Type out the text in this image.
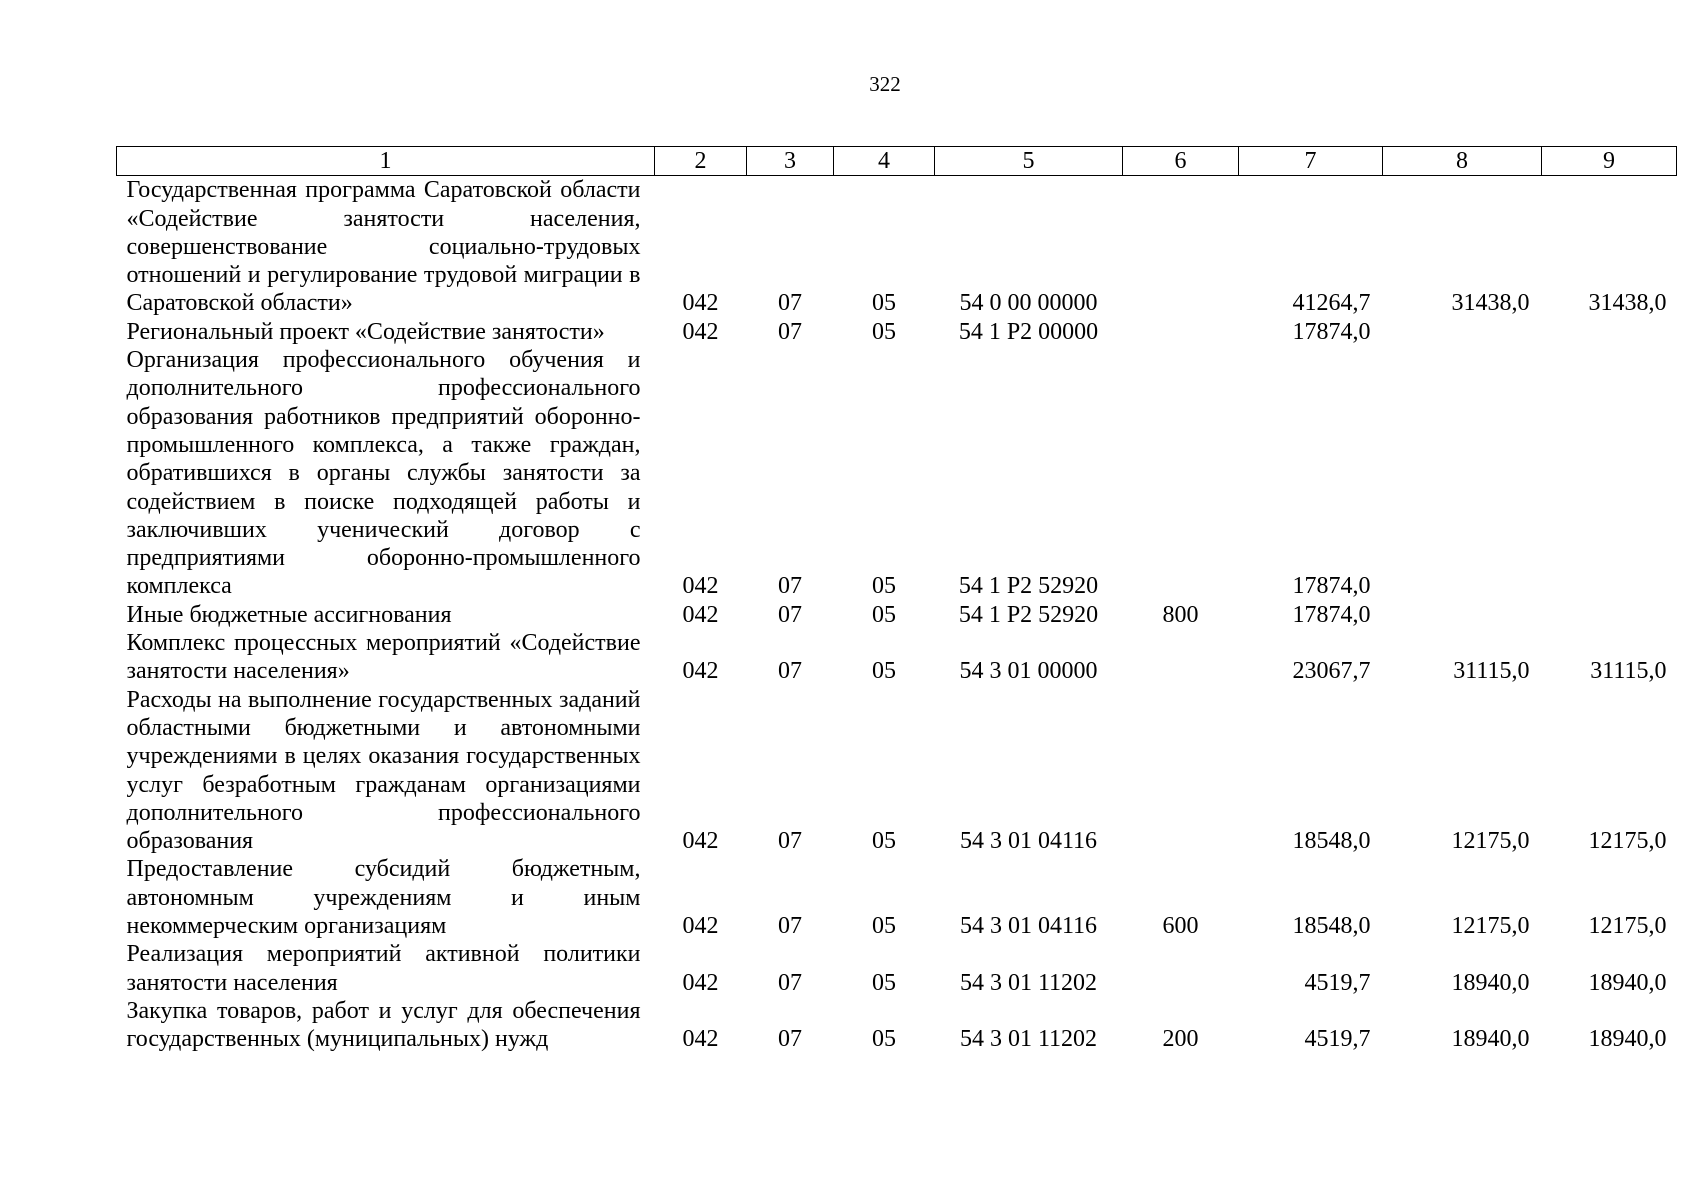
322
1	2	3	4	5	6	7	8	9
Государственная программа Саратовской области «Содействие занятости населения, совершенствование социально-трудовых отношений и регулирование трудовой миграции в Саратовской области»	042	07	05	54 0 00 00000		41264,7	31438,0	31438,0
Региональный проект «Содействие занятости»	042	07	05	54 1 P2 00000		17874,0		
Организация профессионального обучения и дополнительного профессионального образования работников предприятий оборонно-промышленного комплекса, а также граждан, обратившихся в органы службы занятости за содействием в поиске подходящей работы и заключивших ученический договор с предприятиями оборонно-промышленного комплекса	042	07	05	54 1 P2 52920		17874,0		
Иные бюджетные ассигнования	042	07	05	54 1 P2 52920	800	17874,0		
Комплекс процессных мероприятий «Содействие занятости населения»	042	07	05	54 3 01 00000		23067,7	31115,0	31115,0
Расходы на выполнение государственных заданий областными бюджетными и автономными учреждениями в целях оказания государственных услуг безработным гражданам организациями дополнительного профессионального образования	042	07	05	54 3 01 04116		18548,0	12175,0	12175,0
Предоставление субсидий бюджетным, автономным учреждениям и иным некоммерческим организациям	042	07	05	54 3 01 04116	600	18548,0	12175,0	12175,0
Реализация мероприятий активной политики занятости населения	042	07	05	54 3 01 11202		4519,7	18940,0	18940,0
Закупка товаров, работ и услуг для обеспечения государственных (муниципальных) нужд	042	07	05	54 3 01 11202	200	4519,7	18940,0	18940,0
